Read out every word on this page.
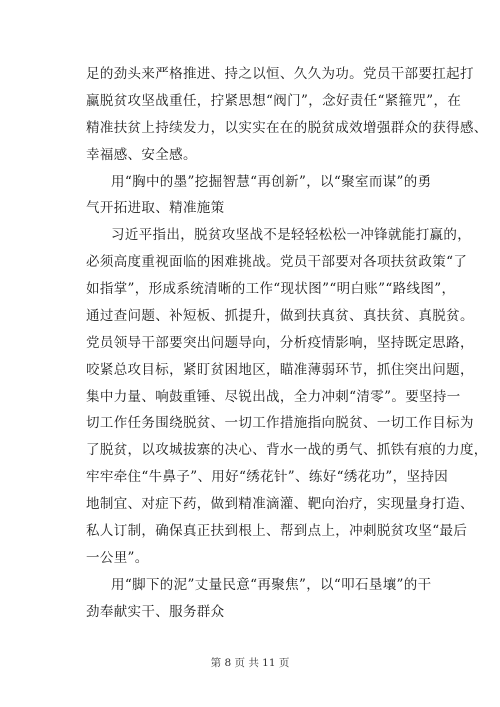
足的劲头来严格推进、持之以恒、久久为功。党员干部要扛起打
赢脱贫攻坚战重任，拧紧思想“阀门”，念好责任“紧箍咒”，在
精准扶贫上持续发力，以实实在在的脱贫成效增强群众的获得感、
幸福感、安全感。
用“胸中的墨”挖掘智慧“再创新”，以“聚室而谋”的勇
气开拓进取、精准施策
习近平指出，脱贫攻坚战不是轻轻松松一冲锋就能打赢的，
必须高度重视面临的困难挑战。党员干部要对各项扶贫政策“了
如指掌”，形成系统清晰的工作“现状图”“明白账”“路线图”，
通过查问题、补短板、抓提升，做到扶真贫、真扶贫、真脱贫。
党员领导干部要突出问题导向，分析疫情影响，坚持既定思路，
咬紧总攻目标，紧盯贫困地区，瞄准薄弱环节，抓住突出问题，
集中力量、响鼓重锤、尽锐出战，全力冲刺“清零”。要坚持一
切工作任务围绕脱贫、一切工作措施指向脱贫、一切工作目标为
了脱贫，以攻城拔寨的决心、背水一战的勇气、抓铁有痕的力度，
牢牢牵住“牛鼻子”、用好“绣花针”、练好“绣花功”，坚持因
地制宜、对症下药，做到精准滴灌、靶向治疗，实现量身打造、
私人订制，确保真正扶到根上、帮到点上，冲刺脱贫攻坚“最后
一公里”。
用“脚下的泥”丈量民意“再聚焦”，以“叩石垦壤”的干
劲奉献实干、服务群众
第 8 页 共 11 页
